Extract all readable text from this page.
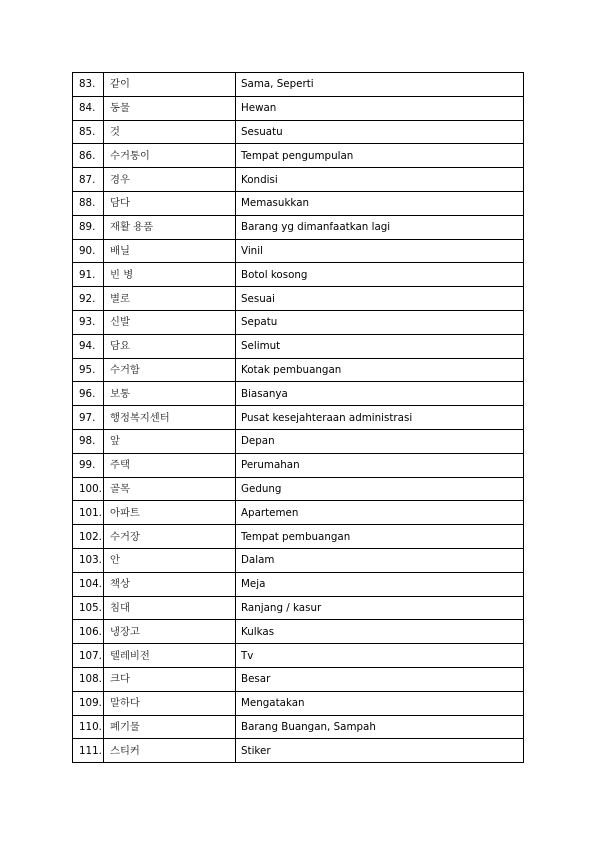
83.	같이	Sama, Seperti
84.	동물	Hewan
85.	것	Sesuatu
86.	수거통이	Tempat pengumpulan
87.	경우	Kondisi
88.	담다	Memasukkan
89.	재활 용품	Barang yg dimanfaatkan lagi
90.	배닐	Vinil
91.	빈 병	Botol kosong
92.	별로	Sesuai
93.	신발	Sepatu
94.	담요	Selimut
95.	수거함	Kotak pembuangan
96.	보통	Biasanya
97.	행정복지센터	Pusat kesejahteraan administrasi
98.	앞	Depan
99.	주택	Perumahan
100.	골목	Gedung
101.	아파트	Apartemen
102.	수거장	Tempat pembuangan
103.	안	Dalam
104.	책상	Meja
105.	침대	Ranjang / kasur
106.	냉장고	Kulkas
107.	텔레비전	Tv
108.	크다	Besar
109.	말하다	Mengatakan
110.	폐기물	Barang Buangan, Sampah
111.	스티커	Stiker
